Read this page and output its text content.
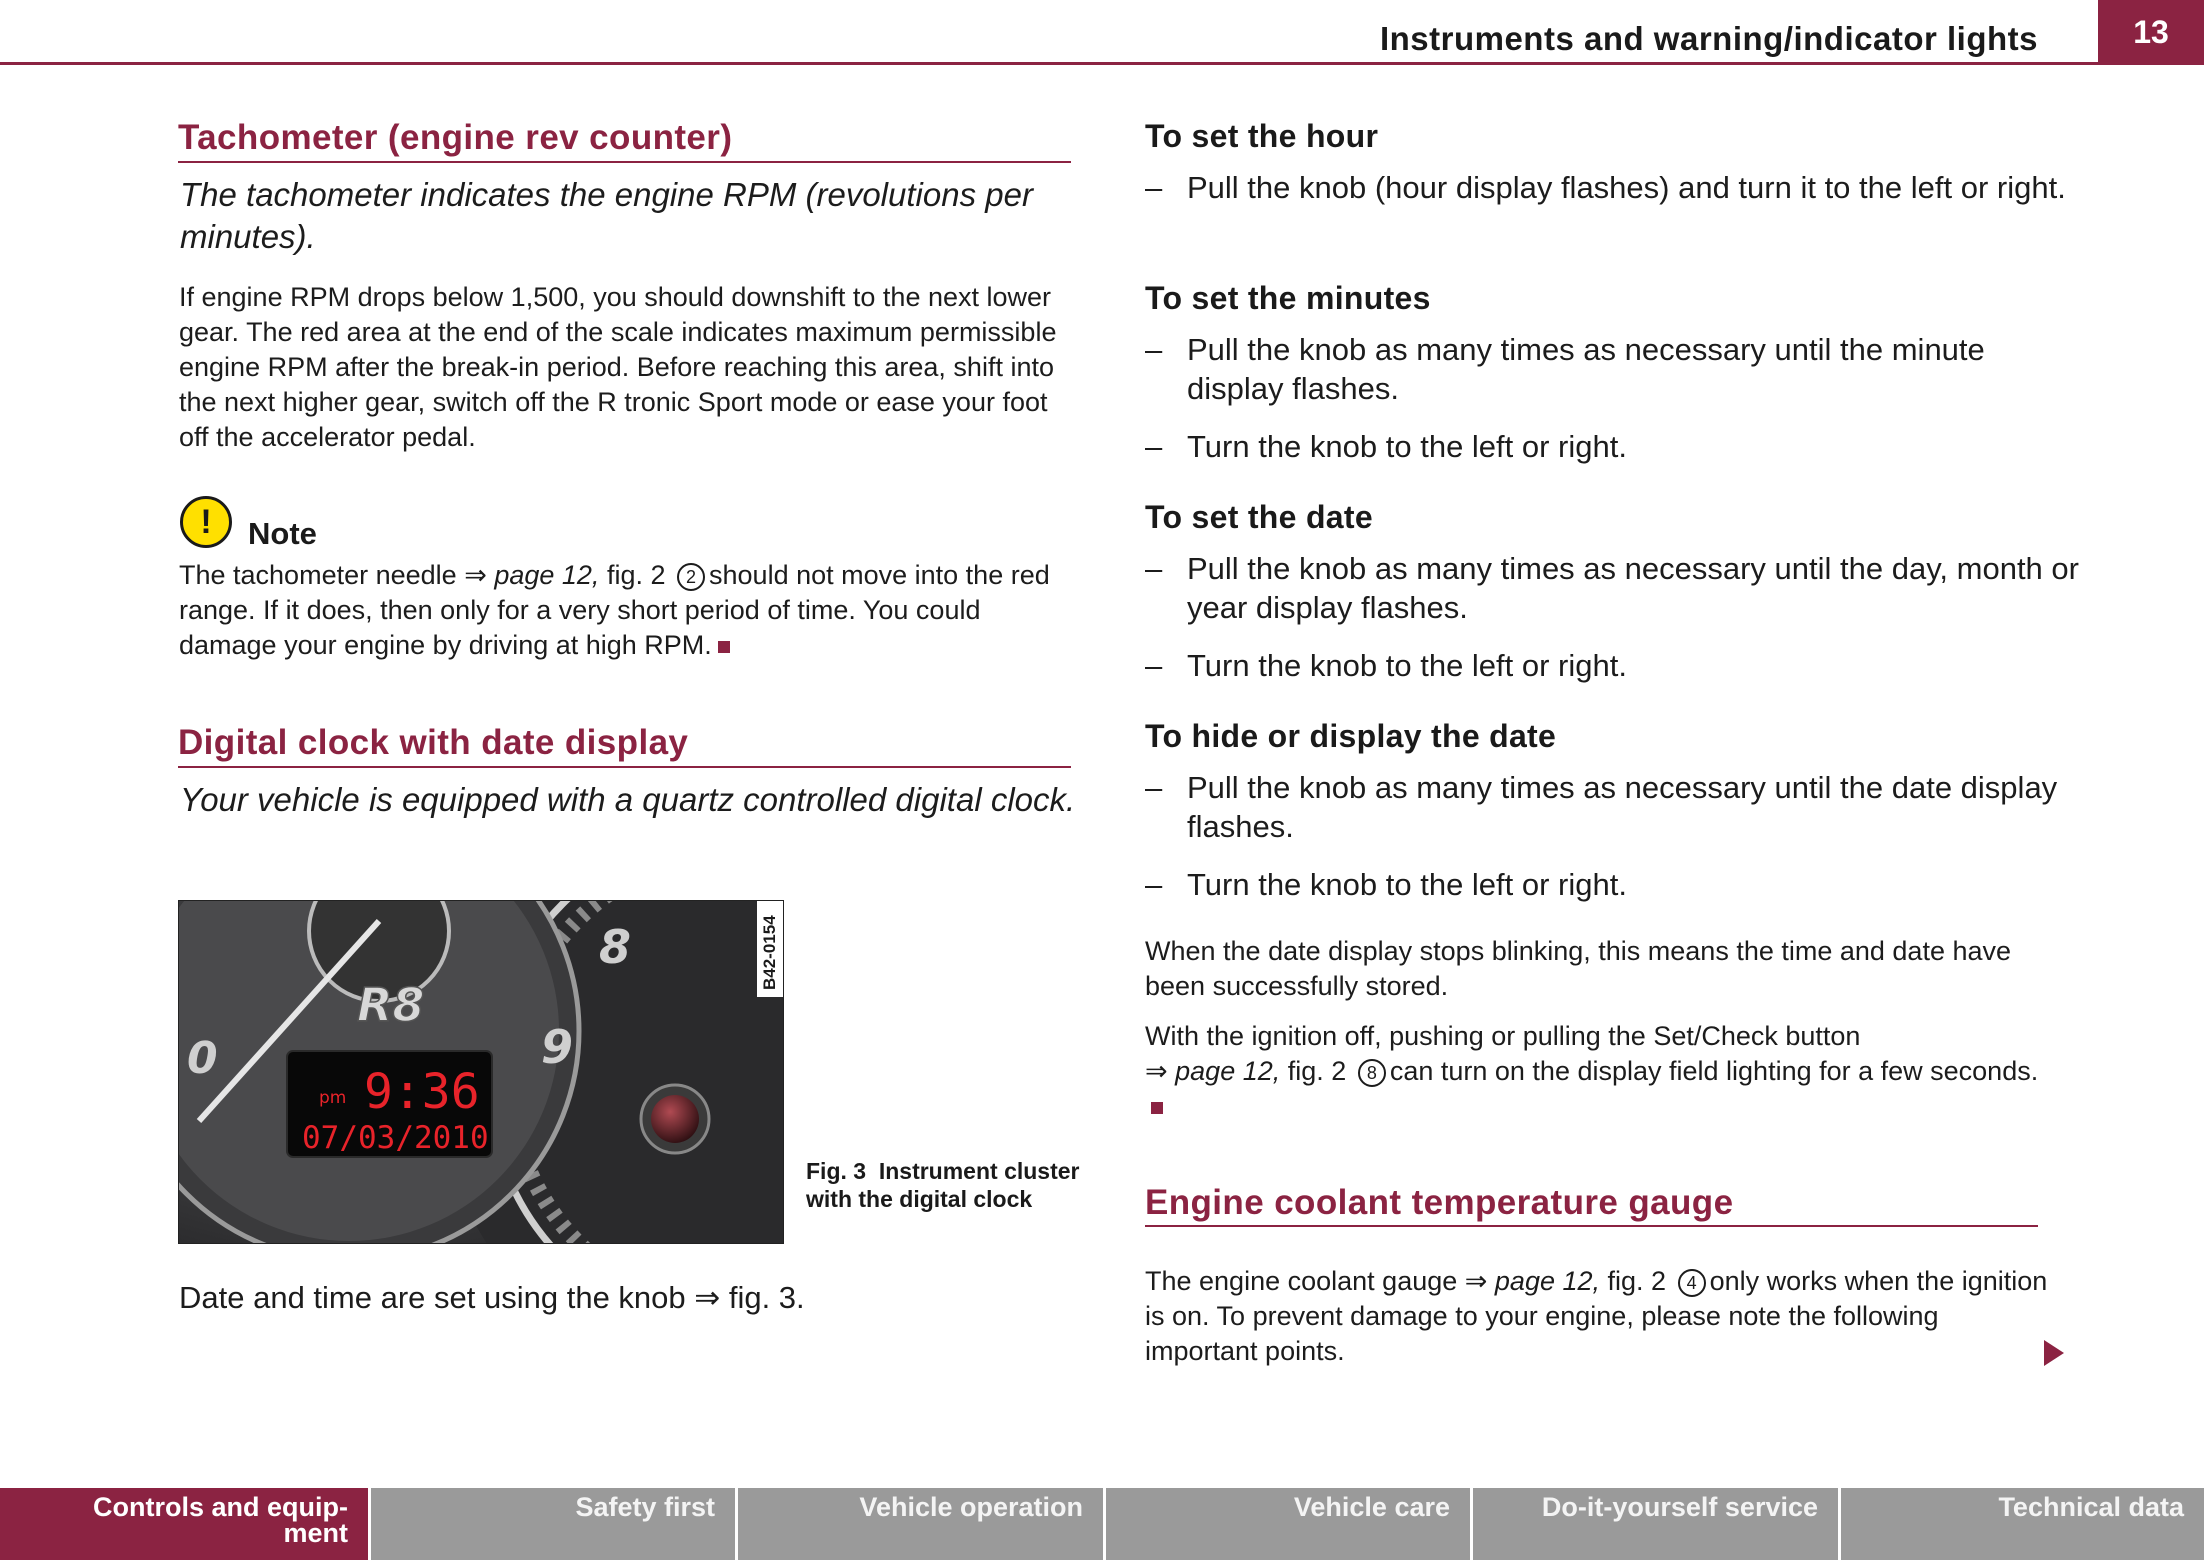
Instruments and warning/indicator lights	13
Tachometer (engine rev counter)
The tachometer indicates the engine RPM (revolutions per minutes).
If engine RPM drops below 1,500, you should downshift to the next lower gear. The red area at the end of the scale indicates maximum permissible engine RPM after the break-in period. Before reaching this area, shift into the next higher gear, switch off the R tronic Sport mode or ease your foot off the accelerator pedal.
!	Note
The tachometer needle ⇒ page 12, fig. 2 2 should not move into the red range. If it does, then only for a very short period of time. You could damage your engine by driving at high RPM.
Digital clock with date display
Your vehicle is equipped with a quartz controlled digital clock.
R8
pm 9:36
07/03/2010
8
9
0
B42-0154
Fig. 3 Instrument cluster with the digital clock
Date and time are set using the knob ⇒ fig. 3.
To set the hour
– Pull the knob (hour display flashes) and turn it to the left or right.
To set the minutes
– Pull the knob as many times as necessary until the minute display flashes.
– Turn the knob to the left or right.
To set the date
– Pull the knob as many times as necessary until the day, month or year display flashes.
– Turn the knob to the left or right.
To hide or display the date
– Pull the knob as many times as necessary until the date display flashes.
– Turn the knob to the left or right.
When the date display stops blinking, this means the time and date have been successfully stored.
With the ignition off, pushing or pulling the Set/Check button
⇒ page 12, fig. 2 8 can turn on the display field lighting for a few seconds.
Engine coolant temperature gauge
The engine coolant gauge ⇒ page 12, fig. 2 4 only works when the ignition is on. To prevent damage to your engine, please note the following important points.
Controls and equip-
ment
Safety first	Vehicle operation	Vehicle care	Do-it-yourself service	Technical data
